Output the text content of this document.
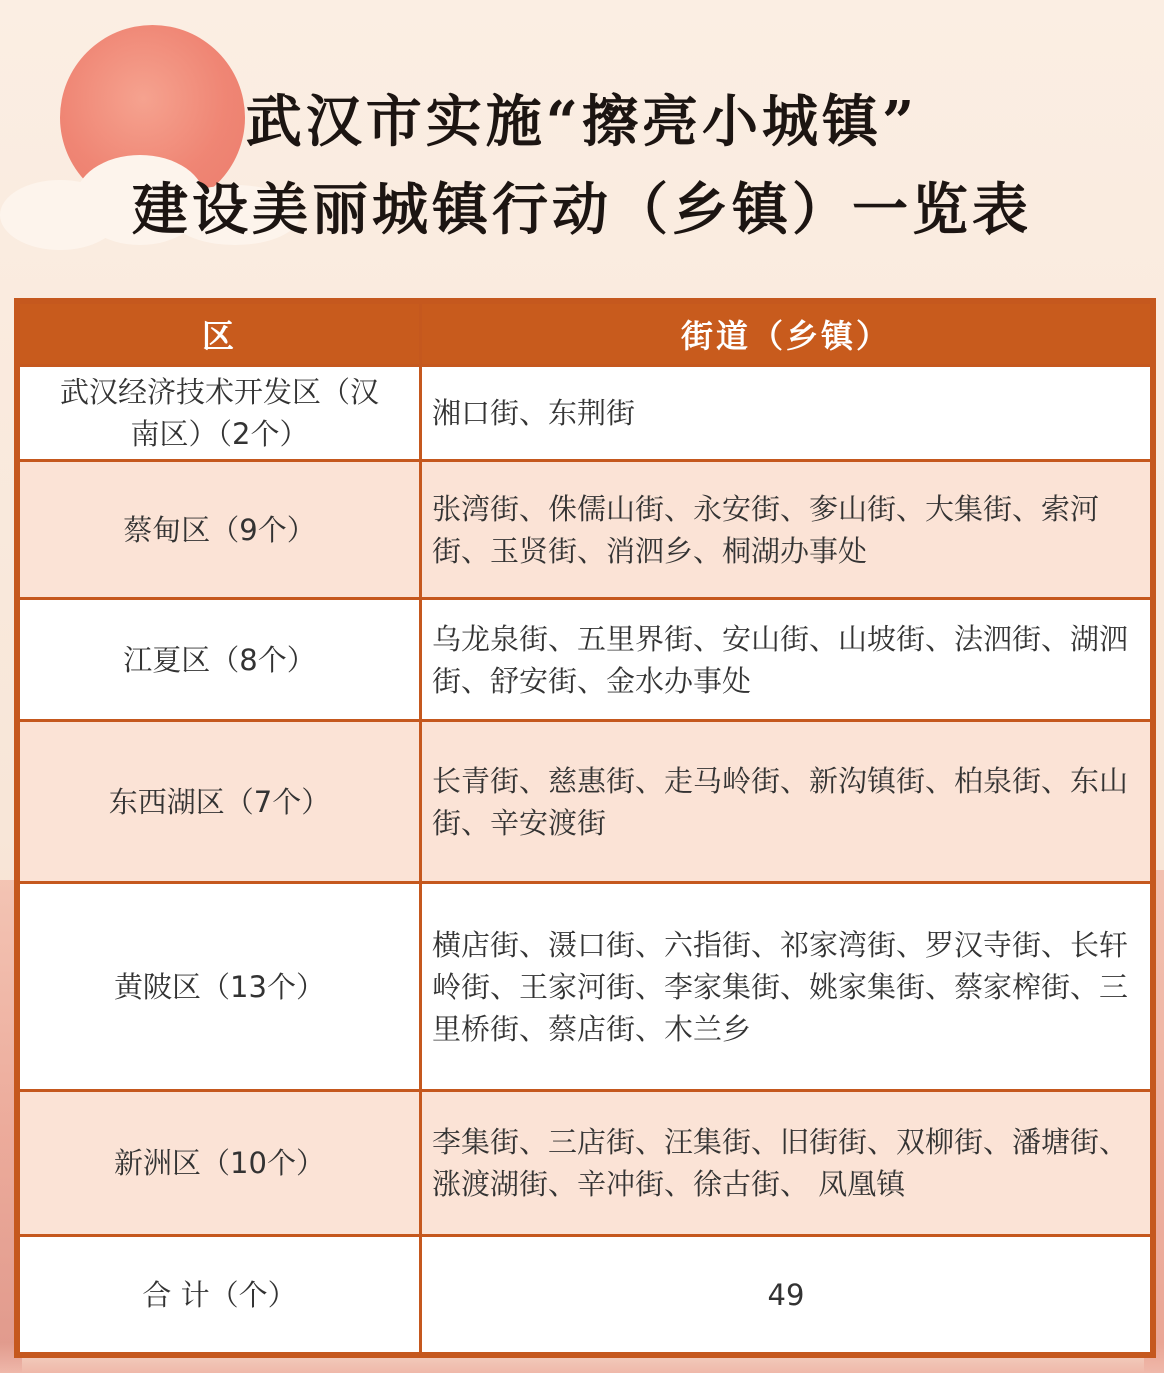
武汉市实施“擦亮小城镇”
建设美丽城镇行动（乡镇）一览表
区	街道（乡镇）
武汉经济技术开发区（汉南区）（2个）	湘口街、东荆街
蔡甸区（9个）	张湾街、侏儒山街、永安街、奓山街、大集街、索河街、玉贤街、消泗乡、桐湖办事处
江夏区（8个）	乌龙泉街、五里界街、安山街、山坡街、法泗街、湖泗街、舒安街、金水办事处
东西湖区（7个）	长青街、慈惠街、走马岭街、新沟镇街、柏泉街、东山街、辛安渡街
黄陂区（13个）	横店街、滠口街、六指街、祁家湾街、罗汉寺街、长轩岭街、王家河街、李家集街、姚家集街、蔡家榨街、三里桥街、蔡店街、木兰乡
新洲区（10个）	李集街、三店街、汪集街、旧街街、双柳街、潘塘街、涨渡湖街、辛冲街、徐古街、 凤凰镇
合 计（个）	49
